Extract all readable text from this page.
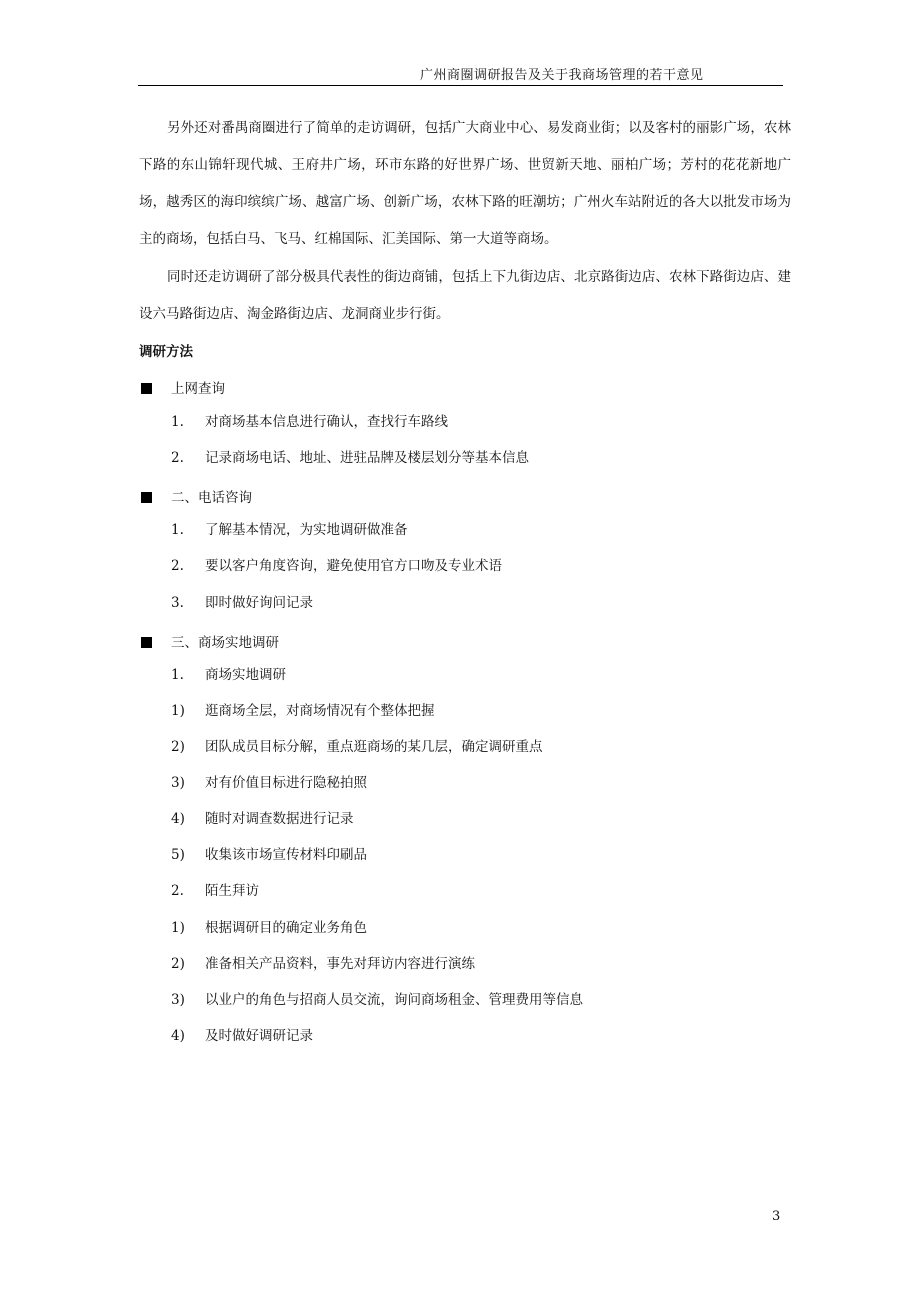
广州商圈调研报告及关于我商场管理的若干意见

另外还对番禺商圈进行了简单的走访调研，包括广大商业中心、易发商业街；以及客村的丽影广场，农林下路的东山锦轩现代城、王府井广场，环市东路的好世界广场、世贸新天地、丽柏广场；芳村的花花新地广场，越秀区的海印缤缤广场、越富广场、创新广场，农林下路的旺潮坊；广州火车站附近的各大以批发市场为主的商场，包括白马、飞马、红棉国际、汇美国际、第一大道等商场。

同时还走访调研了部分极具代表性的街边商铺，包括上下九街边店、北京路街边店、农林下路街边店、建设六马路街边店、淘金路街边店、龙洞商业步行街。

调研方法
上网查询
1. 对商场基本信息进行确认，查找行车路线
2. 记录商场电话、地址、进驻品牌及楼层划分等基本信息
二、电话咨询
1. 了解基本情况，为实地调研做准备
2. 要以客户角度咨询，避免使用官方口吻及专业术语
3. 即时做好询问记录
三、商场实地调研
1. 商场实地调研
1) 逛商场全层，对商场情况有个整体把握
2) 团队成员目标分解，重点逛商场的某几层，确定调研重点
3) 对有价值目标进行隐秘拍照
4) 随时对调查数据进行记录
5) 收集该市场宣传材料印刷品
2. 陌生拜访
1) 根据调研目的确定业务角色
2) 准备相关产品资料，事先对拜访内容进行演练
3) 以业户的角色与招商人员交流，询问商场租金、管理费用等信息
4) 及时做好调研记录
3
